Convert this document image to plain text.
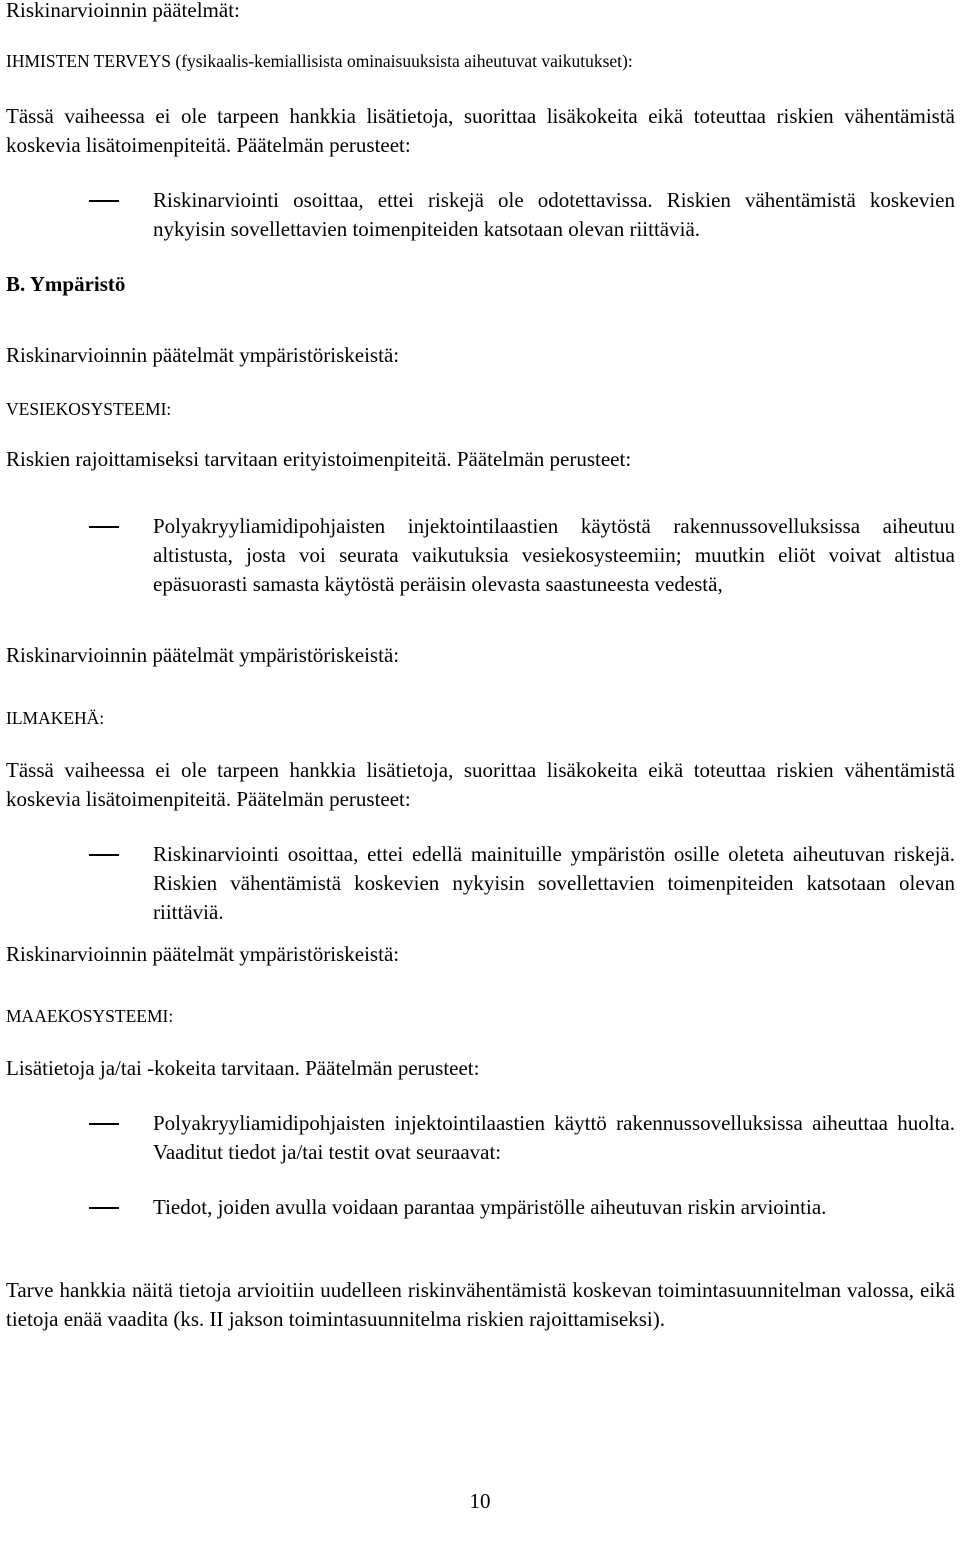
Riskinarvioinnin päätelmät:
IHMISTEN TERVEYS (fysikaalis-kemiallisista ominaisuuksista aiheutuvat vaikutukset):
Tässä vaiheessa ei ole tarpeen hankkia lisätietoja, suorittaa lisäkokeita eikä toteuttaa riskien vähentämistä koskevia lisätoimenpiteitä. Päätelmän perusteet:
Riskinarviointi osoittaa, ettei riskejä ole odotettavissa. Riskien vähentämistä koskevien nykyisin sovellettavien toimenpiteiden katsotaan olevan riittäviä.
B. Ympäristö
Riskinarvioinnin päätelmät ympäristöriskeistä:
VESIEKOSYSTEEMI:
Riskien rajoittamiseksi tarvitaan erityistoimenpiteitä. Päätelmän perusteet:
Polyakryyliamidipohjaisten injektointilaastien käytöstä rakennussovelluksissa aiheutuu altistusta, josta voi seurata vaikutuksia vesiekosysteemiin; muutkin eliöt voivat altistua epäsuorasti samasta käytöstä peräisin olevasta saastuneesta vedestä,
Riskinarvioinnin päätelmät ympäristöriskeistä:
ILMAKEHÄ:
Tässä vaiheessa ei ole tarpeen hankkia lisätietoja, suorittaa lisäkokeita eikä toteuttaa riskien vähentämistä koskevia lisätoimenpiteitä. Päätelmän perusteet:
Riskinarviointi osoittaa, ettei edellä mainituille ympäristön osille oleteta aiheutuvan riskejä. Riskien vähentämistä koskevien nykyisin sovellettavien toimenpiteiden katsotaan olevan riittäviä.
Riskinarvioinnin päätelmät ympäristöriskeistä:
MAAEKOSYSTEEMI:
Lisätietoja ja/tai -kokeita tarvitaan. Päätelmän perusteet:
Polyakryyliamidipohjaisten injektointilaastien käyttö rakennussovelluksissa aiheuttaa huolta. Vaaditut tiedot ja/tai testit ovat seuraavat:
Tiedot, joiden avulla voidaan parantaa ympäristölle aiheutuvan riskin arviointia.
Tarve hankkia näitä tietoja arvioitiin uudelleen riskinvähentämistä koskevan toimintasuunnitelman valossa, eikä tietoja enää vaadita (ks. II jakson toimintasuunnitelma riskien rajoittamiseksi).
10
